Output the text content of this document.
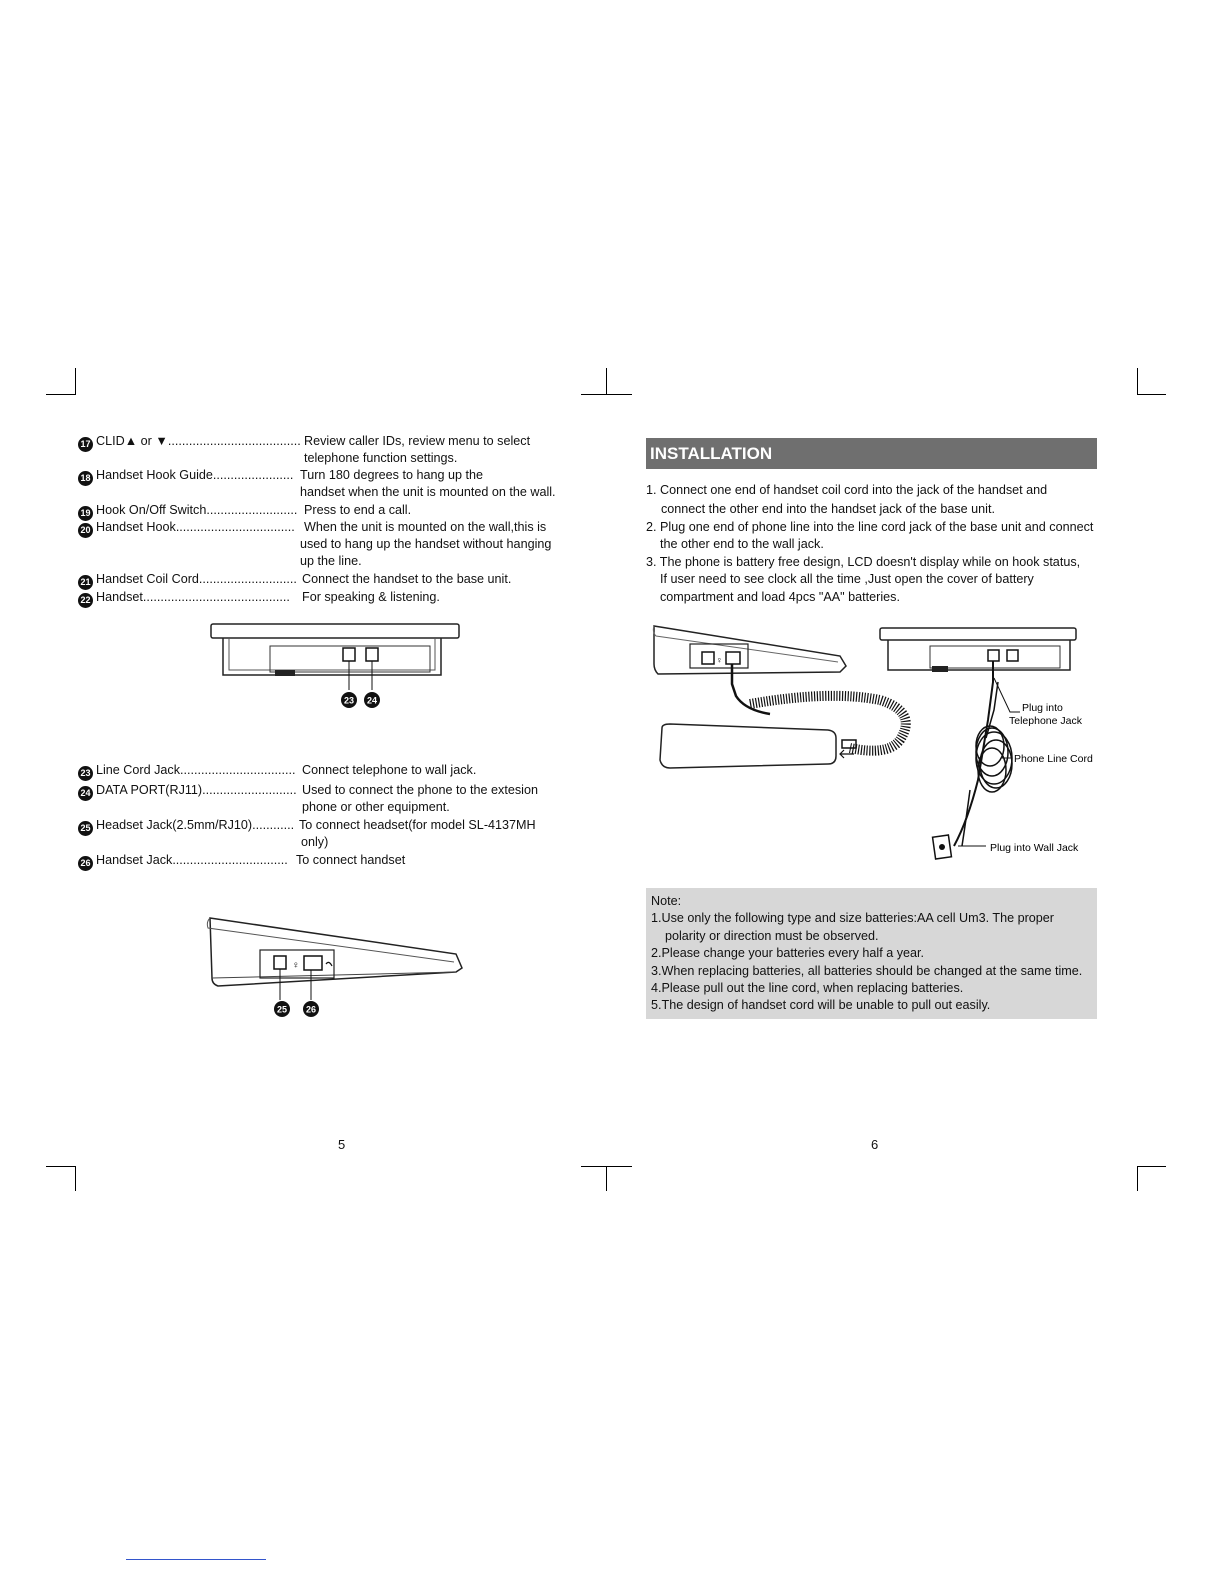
17 CLID▲ or ▼...................................... Review caller IDs, review menu to select
telephone function settings.
18 Handset Hook Guide....................... Turn 180 degrees to hang up the
handset when the unit is mounted on the wall.
19 Hook On/Off Switch.......................... Press to end a call.
20 Handset Hook.................................. When the unit is mounted on the wall,this is
used to hang up the handset without hanging
up the line.
21 Handset Coil Cord............................ Connect the handset to the base unit.
22 Handset.......................................... For speaking & listening.
23 24
23 Line Cord Jack................................. Connect telephone to wall jack.
24 DATA PORT(RJ11)........................... Used to connect the phone to the extesion
phone or other equipment.
25 Headset Jack(2.5mm/RJ10)............ To connect headset(for model SL-4137MH
only)
26 Handset Jack................................. To connect handset
♀
25 26
5
INSTALLATION
1. Connect one end of handset coil cord into the jack of the handset and
connect the other end into the handset jack of the base unit.
2. Plug one end of phone line into the line cord jack of the base unit and connect
the other end to the wall jack.
3. The phone is battery free design, LCD doesn't display while on hook status,
If user need to see clock all the time ,Just open the cover of battery
compartment and load 4pcs "AA" batteries.
♀
Plug into
Telephone Jack
Phone Line Cord
Plug into Wall Jack
Note:
1.Use only the following type and size batteries:AA cell Um3. The proper
polarity or direction must be observed.
2.Please change your batteries every half a year.
3.When replacing batteries, all batteries should be changed at the same time.
4.Please pull out the line cord, when replacing batteries.
5.The design of handset cord will be unable to pull out easily.
6
